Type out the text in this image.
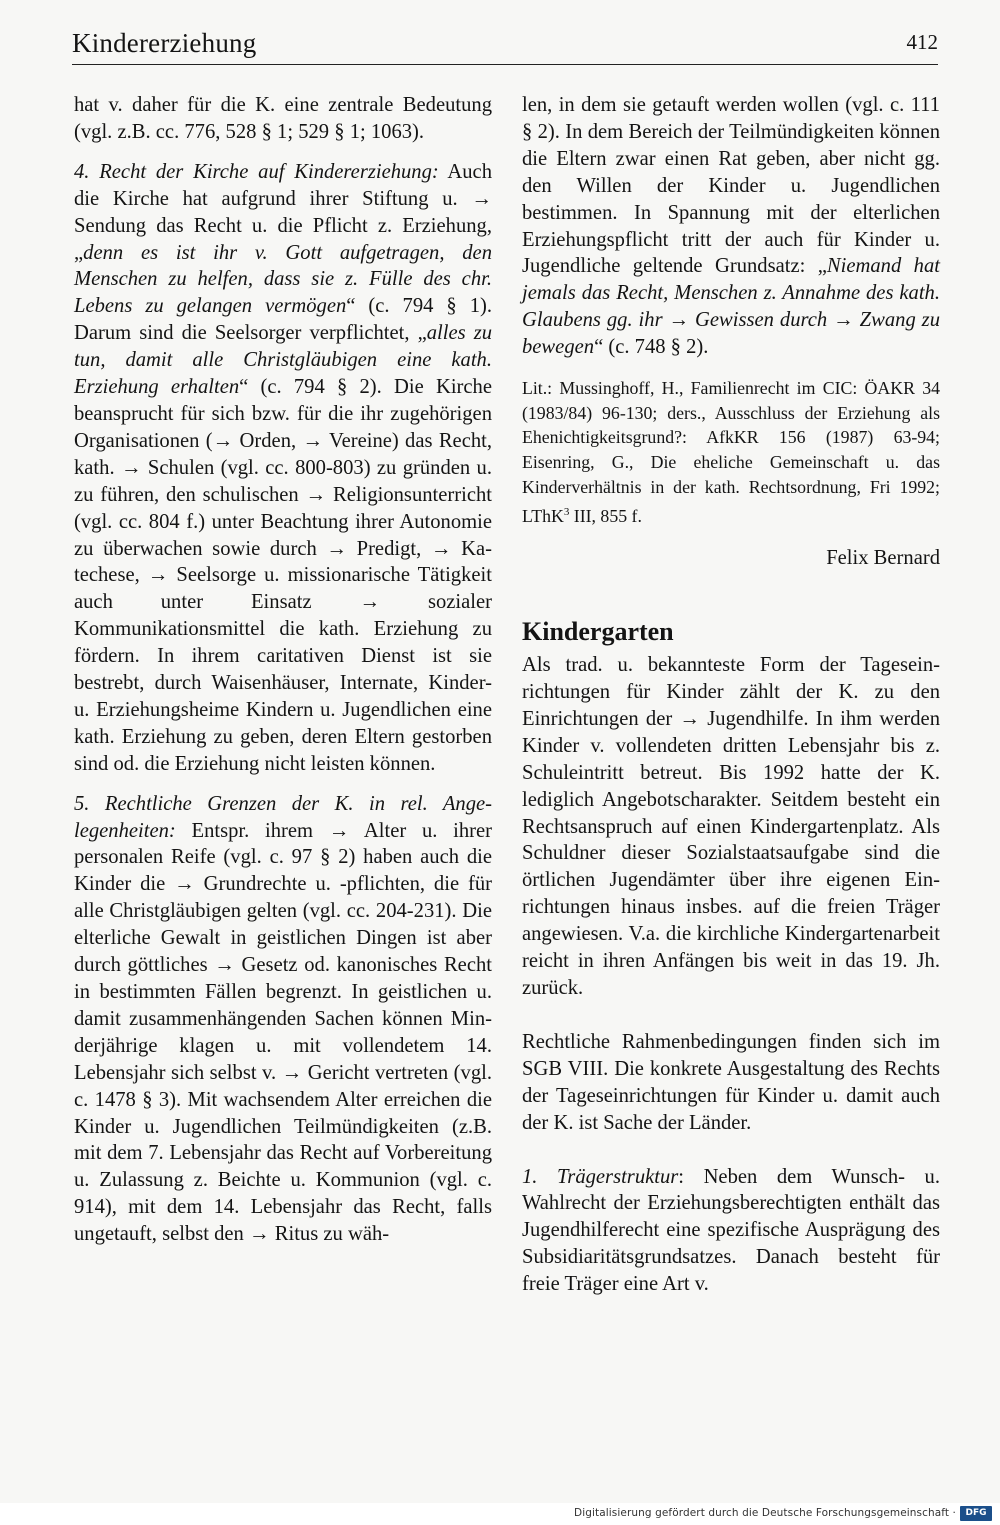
Kindererziehung	412

hat v. daher für die K. eine zentrale Bedeutung (vgl. z.B. cc. 776, 528 § 1; 529 § 1; 1063).

4. Recht der Kirche auf Kindererziehung: Auch die Kirche hat aufgrund ihrer Stiftung u. → Sendung das Recht u. die Pflicht z. Erziehung, „denn es ist ihr v. Gott aufgetragen, den Menschen zu helfen, dass sie z. Fülle des chr. Lebens zu gelangen vermögen“ (c. 794 § 1). Darum sind die Seelsorger verpflichtet, „alles zu tun, damit alle Christgläubigen eine kath. Erziehung erhalten“ (c. 794 § 2). Die Kirche beansprucht für sich bzw. für die ihr zugehörigen Organisationen (→ Orden, → Vereine) das Recht, kath. → Schulen (vgl. cc. 800-803) zu gründen u. zu führen, den schulischen → Religionsunterricht (vgl. cc. 804 f.) unter Beachtung ihrer Autonomie zu überwachen sowie durch → Predigt, → Katechese, → Seelsorge u. missionarische Tätigkeit auch unter Einsatz → sozialer Kommunikationsmittel die kath. Erziehung zu fördern. In ihrem caritativen Dienst ist sie bestrebt, durch Waisenhäuser, Internate, Kinder- u. Erziehungsheime Kindern u. Jugendlichen eine kath. Erziehung zu geben, deren Eltern gestorben sind od. die Erziehung nicht leisten können.

5. Rechtliche Grenzen der K. in rel. Angelegenheiten: Entspr. ihrem → Alter u. ihrer personalen Reife (vgl. c. 97 § 2) haben auch die Kinder die → Grundrechte u. -pflichten, die für alle Christgläubigen gelten (vgl. cc. 204-231). Die elterliche Gewalt in geistlichen Dingen ist aber durch göttliches → Gesetz od. kanonisches Recht in bestimmten Fällen begrenzt. In geistlichen u. damit zusammenhängenden Sachen können Minderjährige klagen u. mit vollendetem 14. Lebensjahr sich selbst v. → Gericht vertreten (vgl. c. 1478 § 3). Mit wachsendem Alter erreichen die Kinder u. Jugendlichen Teilmündigkeiten (z.B. mit dem 7. Lebensjahr das Recht auf Vorbereitung u. Zulassung z. Beichte u. Kommunion (vgl. c. 914), mit dem 14. Lebensjahr das Recht, falls ungetauft, selbst den → Ritus zu wäh-

len, in dem sie getauft werden wollen (vgl. c. 111 § 2). In dem Bereich der Teilmündigkeiten können die Eltern zwar einen Rat geben, aber nicht gg. den Willen der Kinder u. Jugendlichen bestimmen. In Spannung mit der elterlichen Erziehungspflicht tritt der auch für Kinder u. Jugendliche geltende Grundsatz: „Niemand hat jemals das Recht, Menschen z. Annahme des kath. Glaubens gg. ihr → Gewissen durch → Zwang zu bewegen“ (c. 748 § 2).

Lit.: Mussinghoff, H., Familienrecht im CIC: ÖAKR 34 (1983/84) 96-130; ders., Ausschluss der Erziehung als Ehenichtigkeitsgrund?: AfkKR 156 (1987) 63-94; Eisenring, G., Die eheliche Gemeinschaft u. das Kinderverhältnis in der kath. Rechtsordnung, Fri 1992; LThK$^3$ III, 855 f.

Felix Bernard

Kindergarten

Als trad. u. bekannteste Form der Tageseinrichtungen für Kinder zählt der K. zu den Einrichtungen der → Jugendhilfe. In ihm werden Kinder v. vollendeten dritten Lebensjahr bis z. Schuleintritt betreut. Bis 1992 hatte der K. lediglich Angebotscharakter. Seitdem besteht ein Rechtsanspruch auf einen Kindergartenplatz. Als Schuldner dieser Sozialstaatsaufgabe sind die örtlichen Jugendämter über ihre eigenen Einrichtungen hinaus insbes. auf die freien Träger angewiesen. V.a. die kirchliche Kindergartenarbeit reicht in ihren Anfängen bis weit in das 19. Jh. zurück.

Rechtliche Rahmenbedingungen finden sich im SGB VIII. Die konkrete Ausgestaltung des Rechts der Tageseinrichtungen für Kinder u. damit auch der K. ist Sache der Länder.

1. Trägerstruktur: Neben dem Wunsch- u. Wahlrecht der Erziehungsberechtigten enthält das Jugendhilferecht eine spezifische Ausprägung des Subsidiaritätsgrundsatzes. Danach besteht für freie Träger eine Art v.

Digitalisierung gefördert durch die Deutsche Forschungsgemeinschaft ·	DFG
